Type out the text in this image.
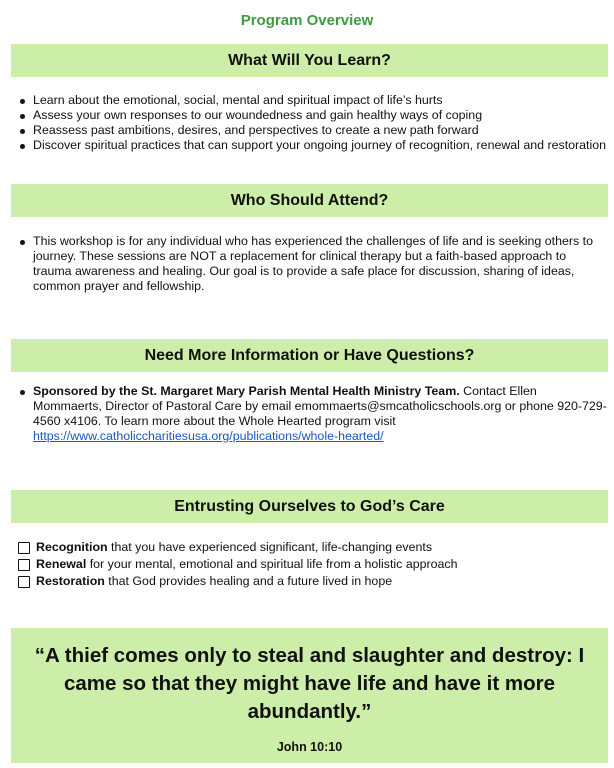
Program Overview
What Will You Learn?
Learn about the emotional, social, mental and spiritual impact of life’s hurts
Assess your own responses to our woundedness and gain healthy ways of coping
Reassess past ambitions, desires, and perspectives to create a new path forward
Discover spiritual practices that can support your ongoing journey of recognition, renewal and restoration
Who Should Attend?
This workshop is for any individual who has experienced the challenges of life and is seeking others to journey. These sessions are NOT a replacement for clinical therapy but a faith-based approach to trauma awareness and healing. Our goal is to provide a safe place for discussion, sharing of ideas, common prayer and fellowship.
Need More Information or Have Questions?
Sponsored by the St. Margaret Mary Parish Mental Health Ministry Team. Contact Ellen Mommaerts, Director of Pastoral Care by email emommaerts@smcatholicschools.org or phone 920-729-4560 x4106. To learn more about the Whole Hearted program visit https://www.catholiccharitiesusa.org/publications/whole-hearted/
Entrusting Ourselves to God’s Care
Recognition that you have experienced significant, life-changing events
Renewal for your mental, emotional and spiritual life from a holistic approach
Restoration that God provides healing and a future lived in hope
“A thief comes only to steal and slaughter and destroy: I came so that they might have life and have it more abundantly.”
John 10:10
